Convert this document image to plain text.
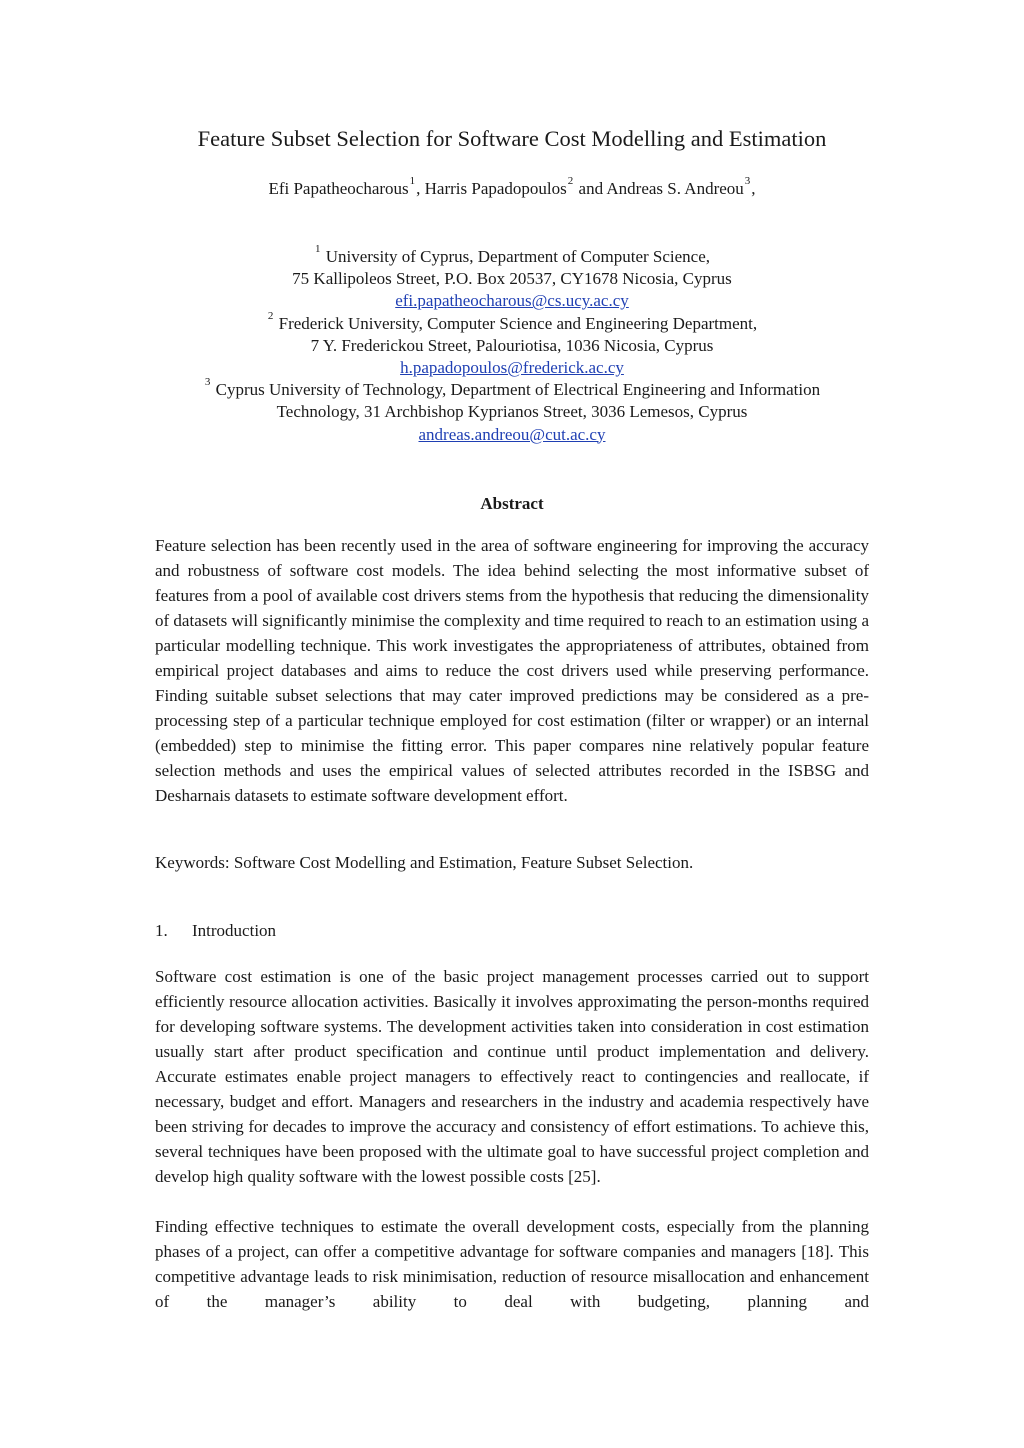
Feature Subset Selection for Software Cost Modelling and Estimation
Efi Papatheocharous$^1$, Harris Papadopoulos$^2$ and Andreas S. Andreou$^3$,
$^1$ University of Cyprus, Department of Computer Science,
75 Kallipoleos Street, P.O. Box 20537, CY1678 Nicosia, Cyprus
efi.papatheocharous@cs.ucy.ac.cy
$^2$ Frederick University, Computer Science and Engineering Department,
7 Y. Frederickou Street, Palouriotisa, 1036 Nicosia, Cyprus
h.papadopoulos@frederick.ac.cy
$^3$ Cyprus University of Technology, Department of Electrical Engineering and Information
Technology, 31 Archbishop Kyprianos Street, 3036 Lemesos, Cyprus
andreas.andreou@cut.ac.cy
Abstract

Feature selection has been recently used in the area of software engineering for improving the accuracy and robustness of software cost models. The idea behind selecting the most informative subset of features from a pool of available cost drivers stems from the hypothesis that reducing the dimensionality of datasets will significantly minimise the complexity and time required to reach to an estimation using a particular modelling technique. This work investigates the appropriateness of attributes, obtained from empirical project databases and aims to reduce the cost drivers used while preserving performance. Finding suitable subset selections that may cater improved predictions may be considered as a pre-processing step of a particular technique employed for cost estimation (filter or wrapper) or an internal (embedded) step to minimise the fitting error. This paper compares nine relatively popular feature selection methods and uses the empirical values of selected attributes recorded in the ISBSG and Desharnais datasets to estimate software development effort.

Keywords: Software Cost Modelling and Estimation, Feature Subset Selection.

1. Introduction

Software cost estimation is one of the basic project management processes carried out to support efficiently resource allocation activities. Basically it involves approximating the person-months required for developing software systems. The development activities taken into consideration in cost estimation usually start after product specification and continue until product implementation and delivery. Accurate estimates enable project managers to effectively react to contingencies and reallocate, if necessary, budget and effort. Managers and researchers in the industry and academia respectively have been striving for decades to improve the accuracy and consistency of effort estimations. To achieve this, several techniques have been proposed with the ultimate goal to have successful project completion and develop high quality software with the lowest possible costs [25].

Finding effective techniques to estimate the overall development costs, especially from the planning phases of a project, can offer a competitive advantage for software companies and managers [18]. This competitive advantage leads to risk minimisation, reduction of resource misallocation and enhancement of the manager’s ability to deal with budgeting, planning and
